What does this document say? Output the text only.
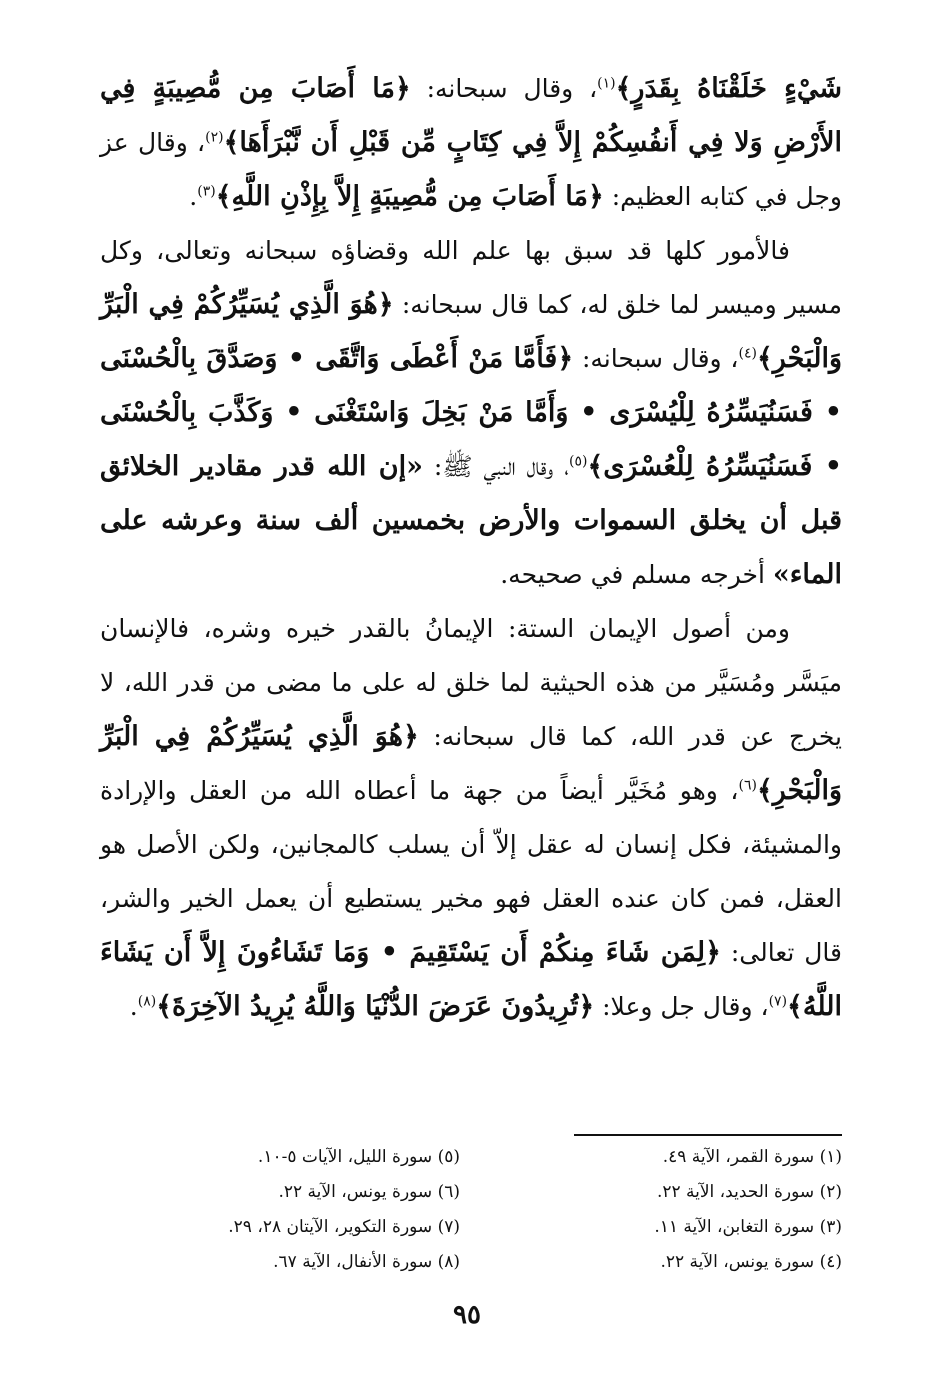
شَيْءٍ خَلَقْنَاهُ بِقَدَرٍ﴾$^{(١)}$، وقال سبحانه: ﴿مَا أَصَابَ مِن مُّصِيبَةٍ فِي الأَرْضِ وَلا فِي أَنفُسِكُمْ إِلاَّ فِي كِتَابٍ مِّن قَبْلِ أَن نَّبْرَأَهَا﴾$^{(٢)}$، وقال عز وجل في كتابه العظيم: ﴿مَا أَصَابَ مِن مُّصِيبَةٍ إِلاَّ بِإِذْنِ اللَّهِ﴾$^{(٣)}$.

فالأمور كلها قد سبق بها علم الله وقضاؤه سبحانه وتعالى، وكل مسير وميسر لما خلق له، كما قال سبحانه: ﴿هُوَ الَّذِي يُسَيِّرُكُمْ فِي الْبَرِّ وَالْبَحْرِ﴾$^{(٤)}$، وقال سبحانه: ﴿فَأَمَّا مَنْ أَعْطَى وَاتَّقَى • وَصَدَّقَ بِالْحُسْنَى • فَسَنُيَسِّرُهُ لِلْيُسْرَى • وَأَمَّا مَنْ بَخِلَ وَاسْتَغْنَى • وَكَذَّبَ بِالْحُسْنَى • فَسَنُيَسِّرُهُ لِلْعُسْرَى﴾$^{(٥)}$، وقال النبي ﷺ: «إن الله قدر مقادير الخلائق قبل أن يخلق السموات والأرض بخمسين ألف سنة وعرشه على الماء» أخرجه مسلم في صحيحه.

ومن أصول الإيمان الستة: الإيمانُ بالقدر خيره وشره، فالإنسان ميَسَّر ومُسَيَّر من هذه الحيثية لما خلق له على ما مضى من قدر الله، لا يخرج عن قدر الله، كما قال سبحانه: ﴿هُوَ الَّذِي يُسَيِّرُكُمْ فِي الْبَرِّ وَالْبَحْرِ﴾$^{(٦)}$، وهو مُخَيَّر أيضاً من جهة ما أعطاه الله من العقل والإرادة والمشيئة، فكل إنسان له عقل إلاّ أن يسلب كالمجانين، ولكن الأصل هو العقل، فمن كان عنده العقل فهو مخير يستطيع أن يعمل الخير والشر، قال تعالى: ﴿لِمَن شَاءَ مِنكُمْ أَن يَسْتَقِيمَ • وَمَا تَشَاءُونَ إِلاَّ أَن يَشَاءَ اللَّهُ﴾$^{(٧)}$، وقال جل وعلا: ﴿تُرِيدُونَ عَرَضَ الدُّنْيَا وَاللَّهُ يُرِيدُ الآخِرَةَ﴾$^{(٨)}$.

(١) سورة القمر، الآية ٤٩.
(٢) سورة الحديد، الآية ٢٢.
(٣) سورة التغابن، الآية ١١.
(٤) سورة يونس، الآية ٢٢.
(٥) سورة الليل، الآيات ٥-١٠.
(٦) سورة يونس، الآية ٢٢.
(٧) سورة التكوير، الآيتان ٢٨، ٢٩.
(٨) سورة الأنفال، الآية ٦٧.
٩٥
